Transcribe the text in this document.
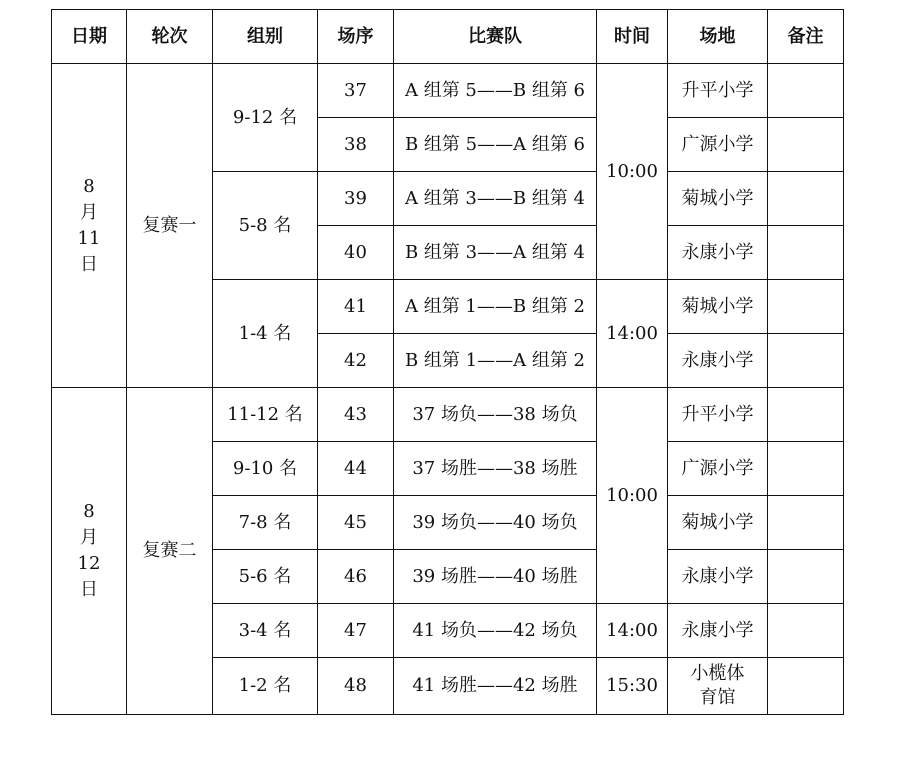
日期	轮次	组别	场序	比赛队	时间	场地	备注
8月11日	复赛一	9-12 名	37	A 组第 5——B 组第 6	10:00	升平小学	
			38	B 组第 5——A 组第 6		广源小学	
		5-8 名	39	A 组第 3——B 组第 4		菊城小学	
			40	B 组第 3——A 组第 4		永康小学	
		1-4 名	41	A 组第 1——B 组第 2	14:00	菊城小学	
			42	B 组第 1——A 组第 2		永康小学	
8月12日	复赛二	11-12 名	43	37 场负——38 场负	10:00	升平小学	
		9-10 名	44	37 场胜——38 场胜		广源小学	
		7-8 名	45	39 场负——40 场负		菊城小学	
		5-6 名	46	39 场胜——40 场胜		永康小学	
		3-4 名	47	41 场负——42 场负	14:00	永康小学	
		1-2 名	48	41 场胜——42 场胜	15:30	小榄体育馆	
